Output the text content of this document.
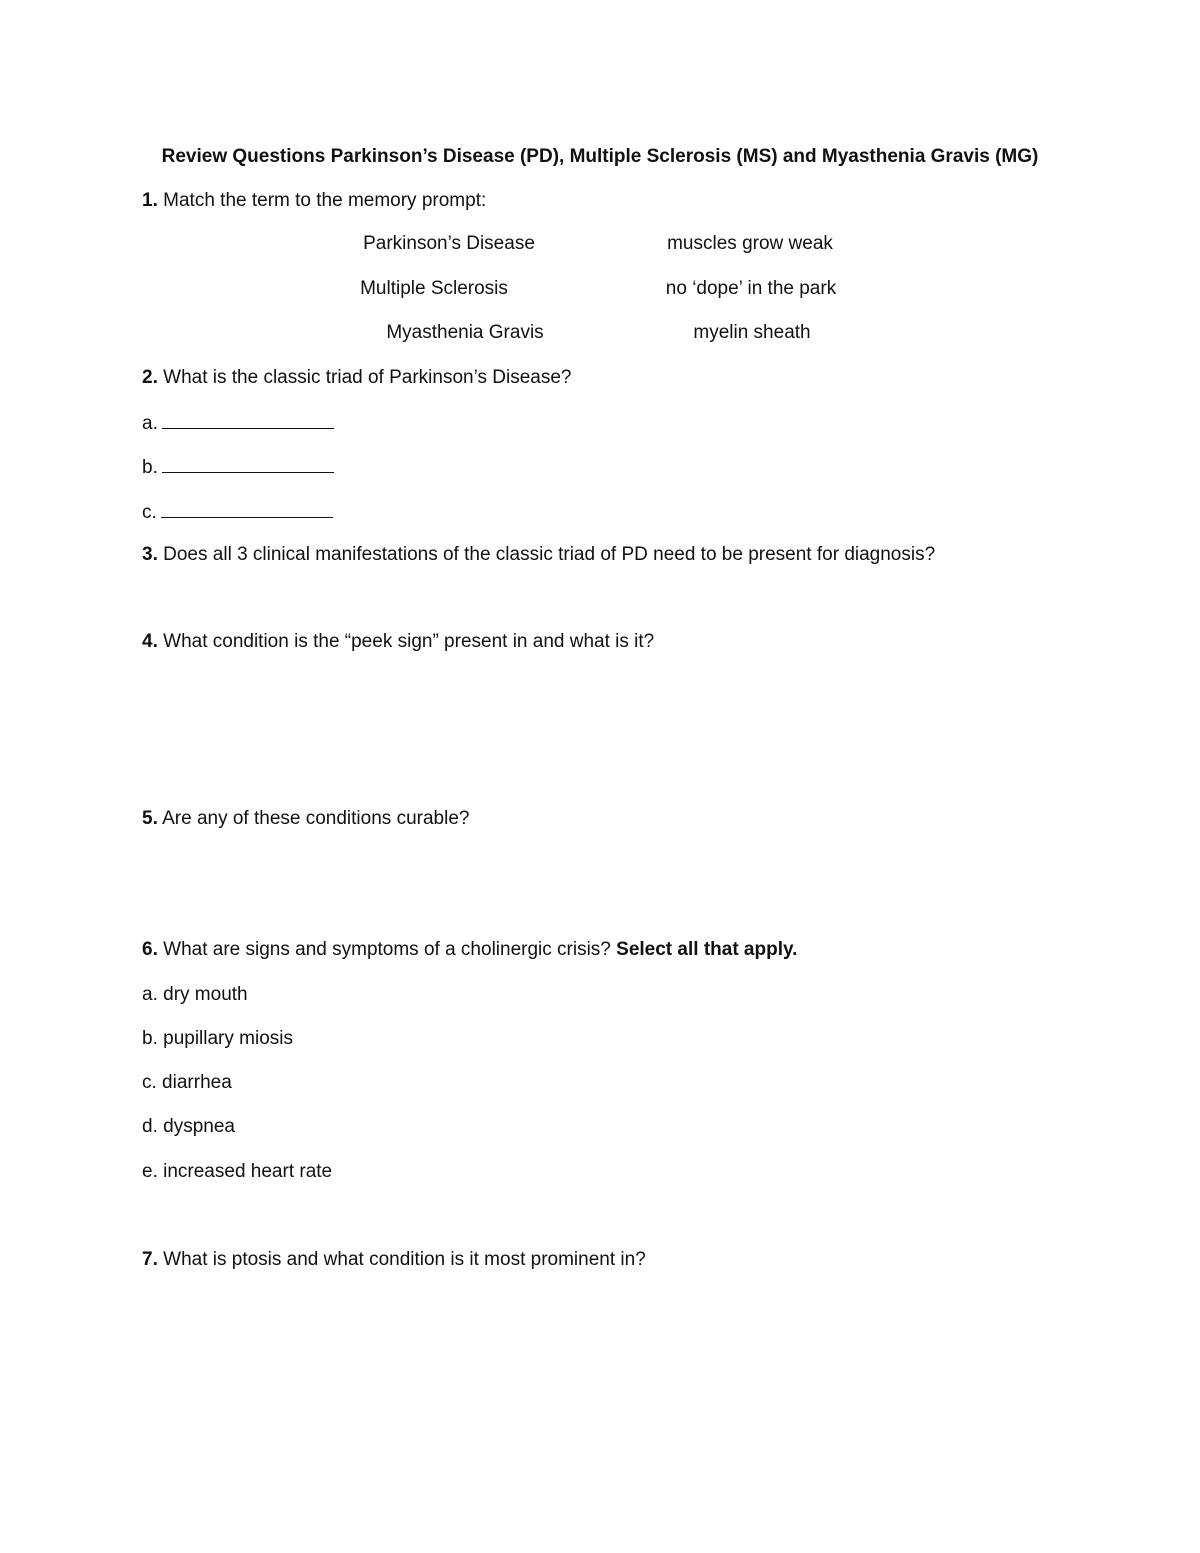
Review Questions Parkinson’s Disease (PD), Multiple Sclerosis (MS) and Myasthenia Gravis (MG)
1. Match the term to the memory prompt:
Parkinson’s Disease	muscles grow weak
Multiple Sclerosis	no ‘dope’ in the park
Myasthenia Gravis	myelin sheath
2. What is the classic triad of Parkinson’s Disease?
a.
b.
c.
3. Does all 3 clinical manifestations of the classic triad of PD need to be present for diagnosis?
4. What condition is the “peek sign” present in and what is it?
5. Are any of these conditions curable?
6. What are signs and symptoms of a cholinergic crisis? Select all that apply.
a. dry mouth
b. pupillary miosis
c. diarrhea
d. dyspnea
e. increased heart rate
7. What is ptosis and what condition is it most prominent in?
